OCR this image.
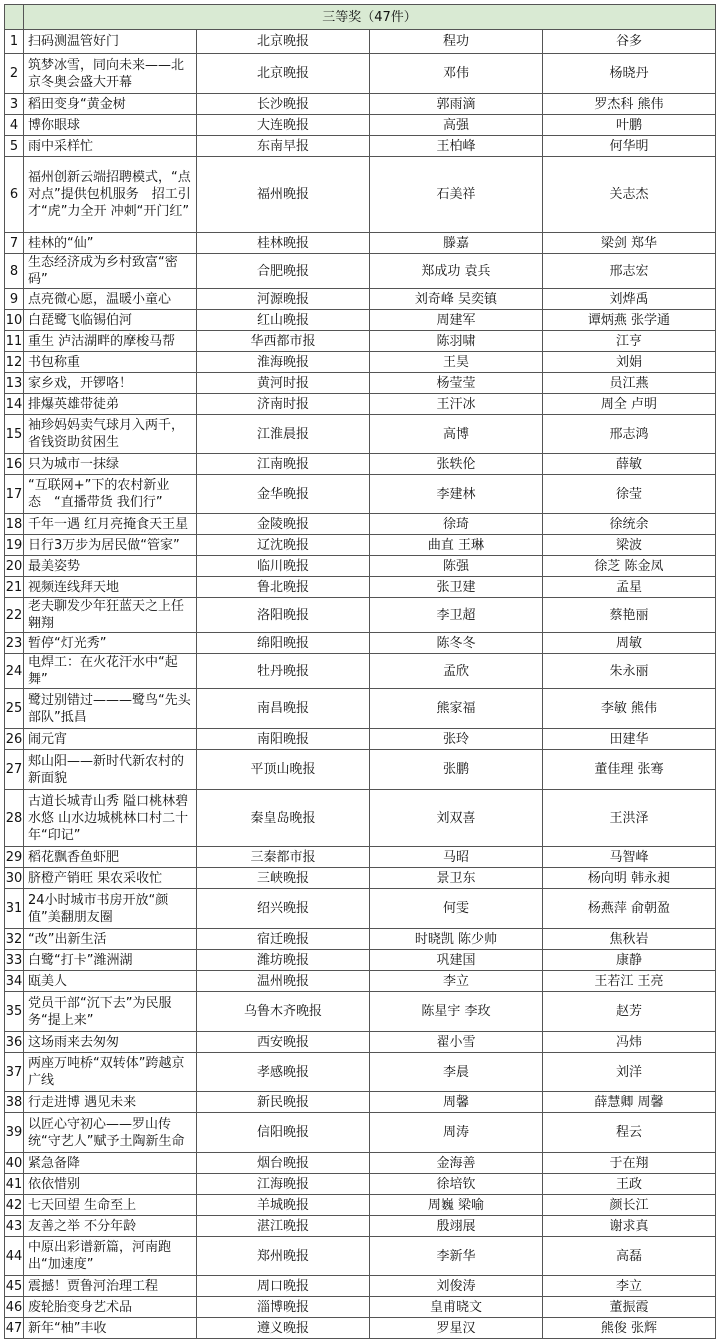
	三等奖（47件）			
1	扫码测温管好门	北京晚报	程功	谷多
2	筑梦冰雪，同向未来——北京冬奥会盛大开幕	北京晚报	邓伟	杨晓丹
3	稻田变身“黄金树	长沙晚报	郭雨滴	罗杰科 熊伟
4	博你眼球	大连晚报	高强	叶鹏
5	雨中采样忙	东南早报	王柏峰	何华明
6	福州创新云端招聘模式，“点对点”提供包机服务　招工引才“虎”力全开 冲刺“开门红”	福州晚报	石美祥	关志杰
7	桂林的“仙”	桂林晚报	滕嘉	梁剑 郑华
8	生态经济成为乡村致富“密码”	合肥晚报	郑成功 袁兵	邢志宏
9	点亮微心愿，温暖小童心	河源晚报	刘奇峰 吴奕镇	刘烨禹
10	白琵鹭飞临锡伯河	红山晚报	周建军	谭炳燕 张学通
11	重生 泸沽湖畔的摩梭马帮	华西都市报	陈羽啸	江亨
12	书包称重	淮海晚报	王昊	刘娟
13	家乡戏，开锣咯！	黄河时报	杨莹莹	员江燕
14	排爆英雄带徒弟	济南时报	王汗冰	周全 卢明
15	袖珍妈妈卖气球月入两千，省钱资助贫困生	江淮晨报	高博	邢志鸿
16	只为城市一抹绿	江南晚报	张轶伦	薛敏
17	“互联网+”下的农村新业态　“直播带货 我们行”	金华晚报	李建林	徐莹
18	千年一遇 红月亮掩食天王星	金陵晚报	徐琦	徐统余
19	日行3万步为居民做“管家”	辽沈晚报	曲直 王琳	梁波
20	最美姿势	临川晚报	陈强	徐芝 陈金凤
21	视频连线拜天地	鲁北晚报	张卫建	孟星
22	老夫聊发少年狂蓝天之上任翱翔	洛阳晚报	李卫超	蔡艳丽
23	暂停“灯光秀”	绵阳晚报	陈冬冬	周敏
24	电焊工：在火花汗水中“起舞”	牡丹晚报	孟欣	朱永丽
25	鹭过别错过———鹭鸟“先头部队”抵昌	南昌晚报	熊家福	李敏 熊伟
26	闹元宵	南阳晚报	张玲	田建华
27	郏山阳——新时代新农村的新面貌	平顶山晚报	张鹏	董佳理 张骞
28	古道长城青山秀 隘口桃林碧水悠 山水边城桃林口村二十年“印记”	秦皇岛晚报	刘双喜	王洪泽
29	稻花飘香鱼虾肥	三秦都市报	马昭	马智峰
30	脐橙产销旺 果农采收忙	三峡晚报	景卫东	杨向明 韩永昶
31	24小时城市书房开放“颜值”美翻朋友圈	绍兴晚报	何雯	杨燕萍 俞朝盈
32	“改”出新生活	宿迁晚报	时晓凯 陈少帅	焦秋岩
33	白鹭“打卡”潍洲湖	潍坊晚报	巩建国	康静
34	瓯美人	温州晚报	李立	王若江 王亮
35	党员干部“沉下去”为民服务“提上来”	乌鲁木齐晚报	陈星宇 李玫	赵芳
36	这场雨来去匆匆	西安晚报	翟小雪	冯炜
37	两座万吨桥“双转体”跨越京广线	孝感晚报	李晨	刘洋
38	行走进博 遇见未来	新民晚报	周馨	薛慧卿 周馨
39	以匠心守初心——罗山传统“守艺人”赋予土陶新生命	信阳晚报	周涛	程云
40	紧急备降	烟台晚报	金海善	于在翔
41	依依惜别	江海晚报	徐培钦	王政
42	七天回望 生命至上	羊城晚报	周巍 梁喻	颜长江
43	友善之举 不分年龄	湛江晚报	殷翊展	谢求真
44	中原出彩谱新篇，河南跑出“加速度”	郑州晚报	李新华	高磊
45	震撼！贾鲁河治理工程	周口晚报	刘俊涛	李立
46	废轮胎变身艺术品	淄博晚报	皇甫晓文	董振霞
47	新年“柚”丰收	遵义晚报	罗星汉	熊俊 张辉
